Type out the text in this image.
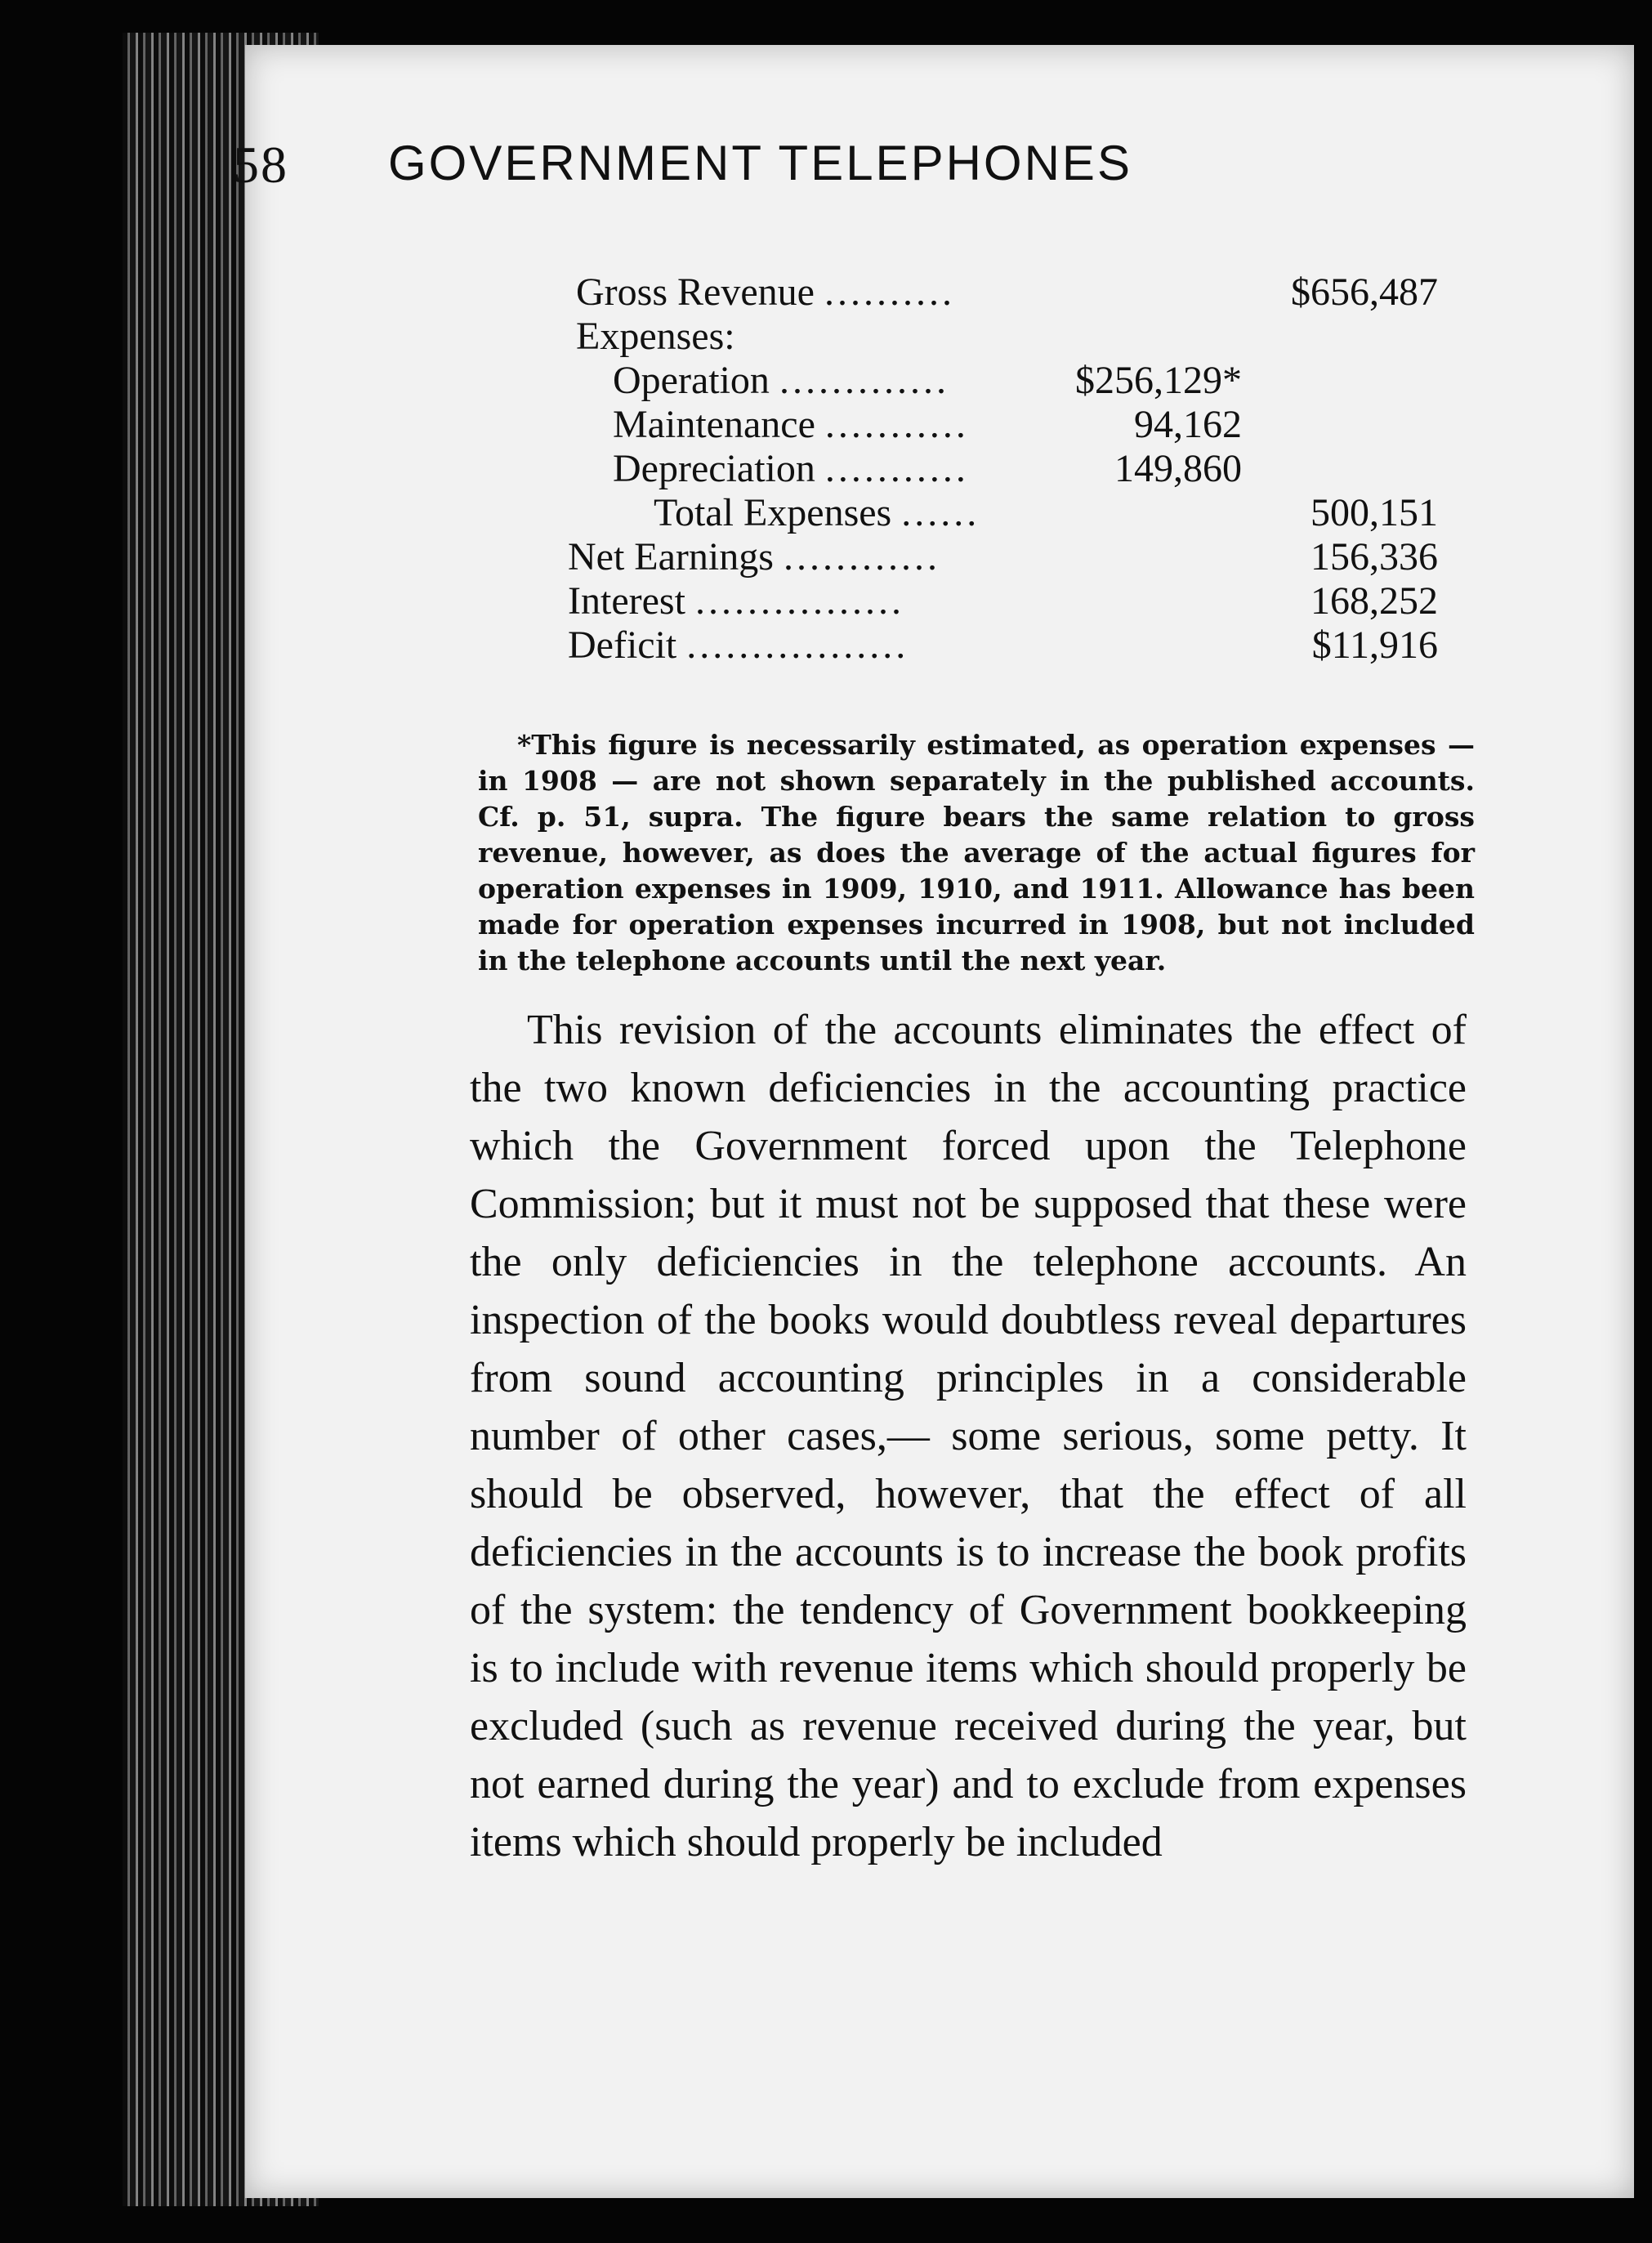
58 GOVERNMENT TELEPHONES
Gross Revenue ..........	$656,487
Expenses:
Operation .............	$256,129*
Maintenance ...........	94,162
Depreciation ...........	149,860
Total Expenses ......	500,151
Net Earnings ............	156,336
Interest ................	168,252
Deficit .................	$11,916

*This figure is necessarily estimated, as operation expenses — in 1908 — are not shown separately in the published accounts. Cf. p. 51, supra. The figure bears the same relation to gross revenue, however, as does the average of the actual figures for operation expenses in 1909, 1910, and 1911. Allowance has been made for operation expenses incurred in 1908, but not included in the telephone accounts until the next year.

This revision of the accounts eliminates the effect of the two known deficiencies in the accounting practice which the Government forced upon the Telephone Commission; but it must not be supposed that these were the only deficiencies in the telephone accounts. An inspection of the books would doubtless reveal departures from sound accounting principles in a considerable number of other cases,— some serious, some petty. It should be observed, however, that the effect of all deficiencies in the accounts is to increase the book profits of the system: the tendency of Government bookkeeping is to include with revenue items which should properly be excluded (such as revenue received during the year, but not earned during the year) and to exclude from expenses items which should properly be included
